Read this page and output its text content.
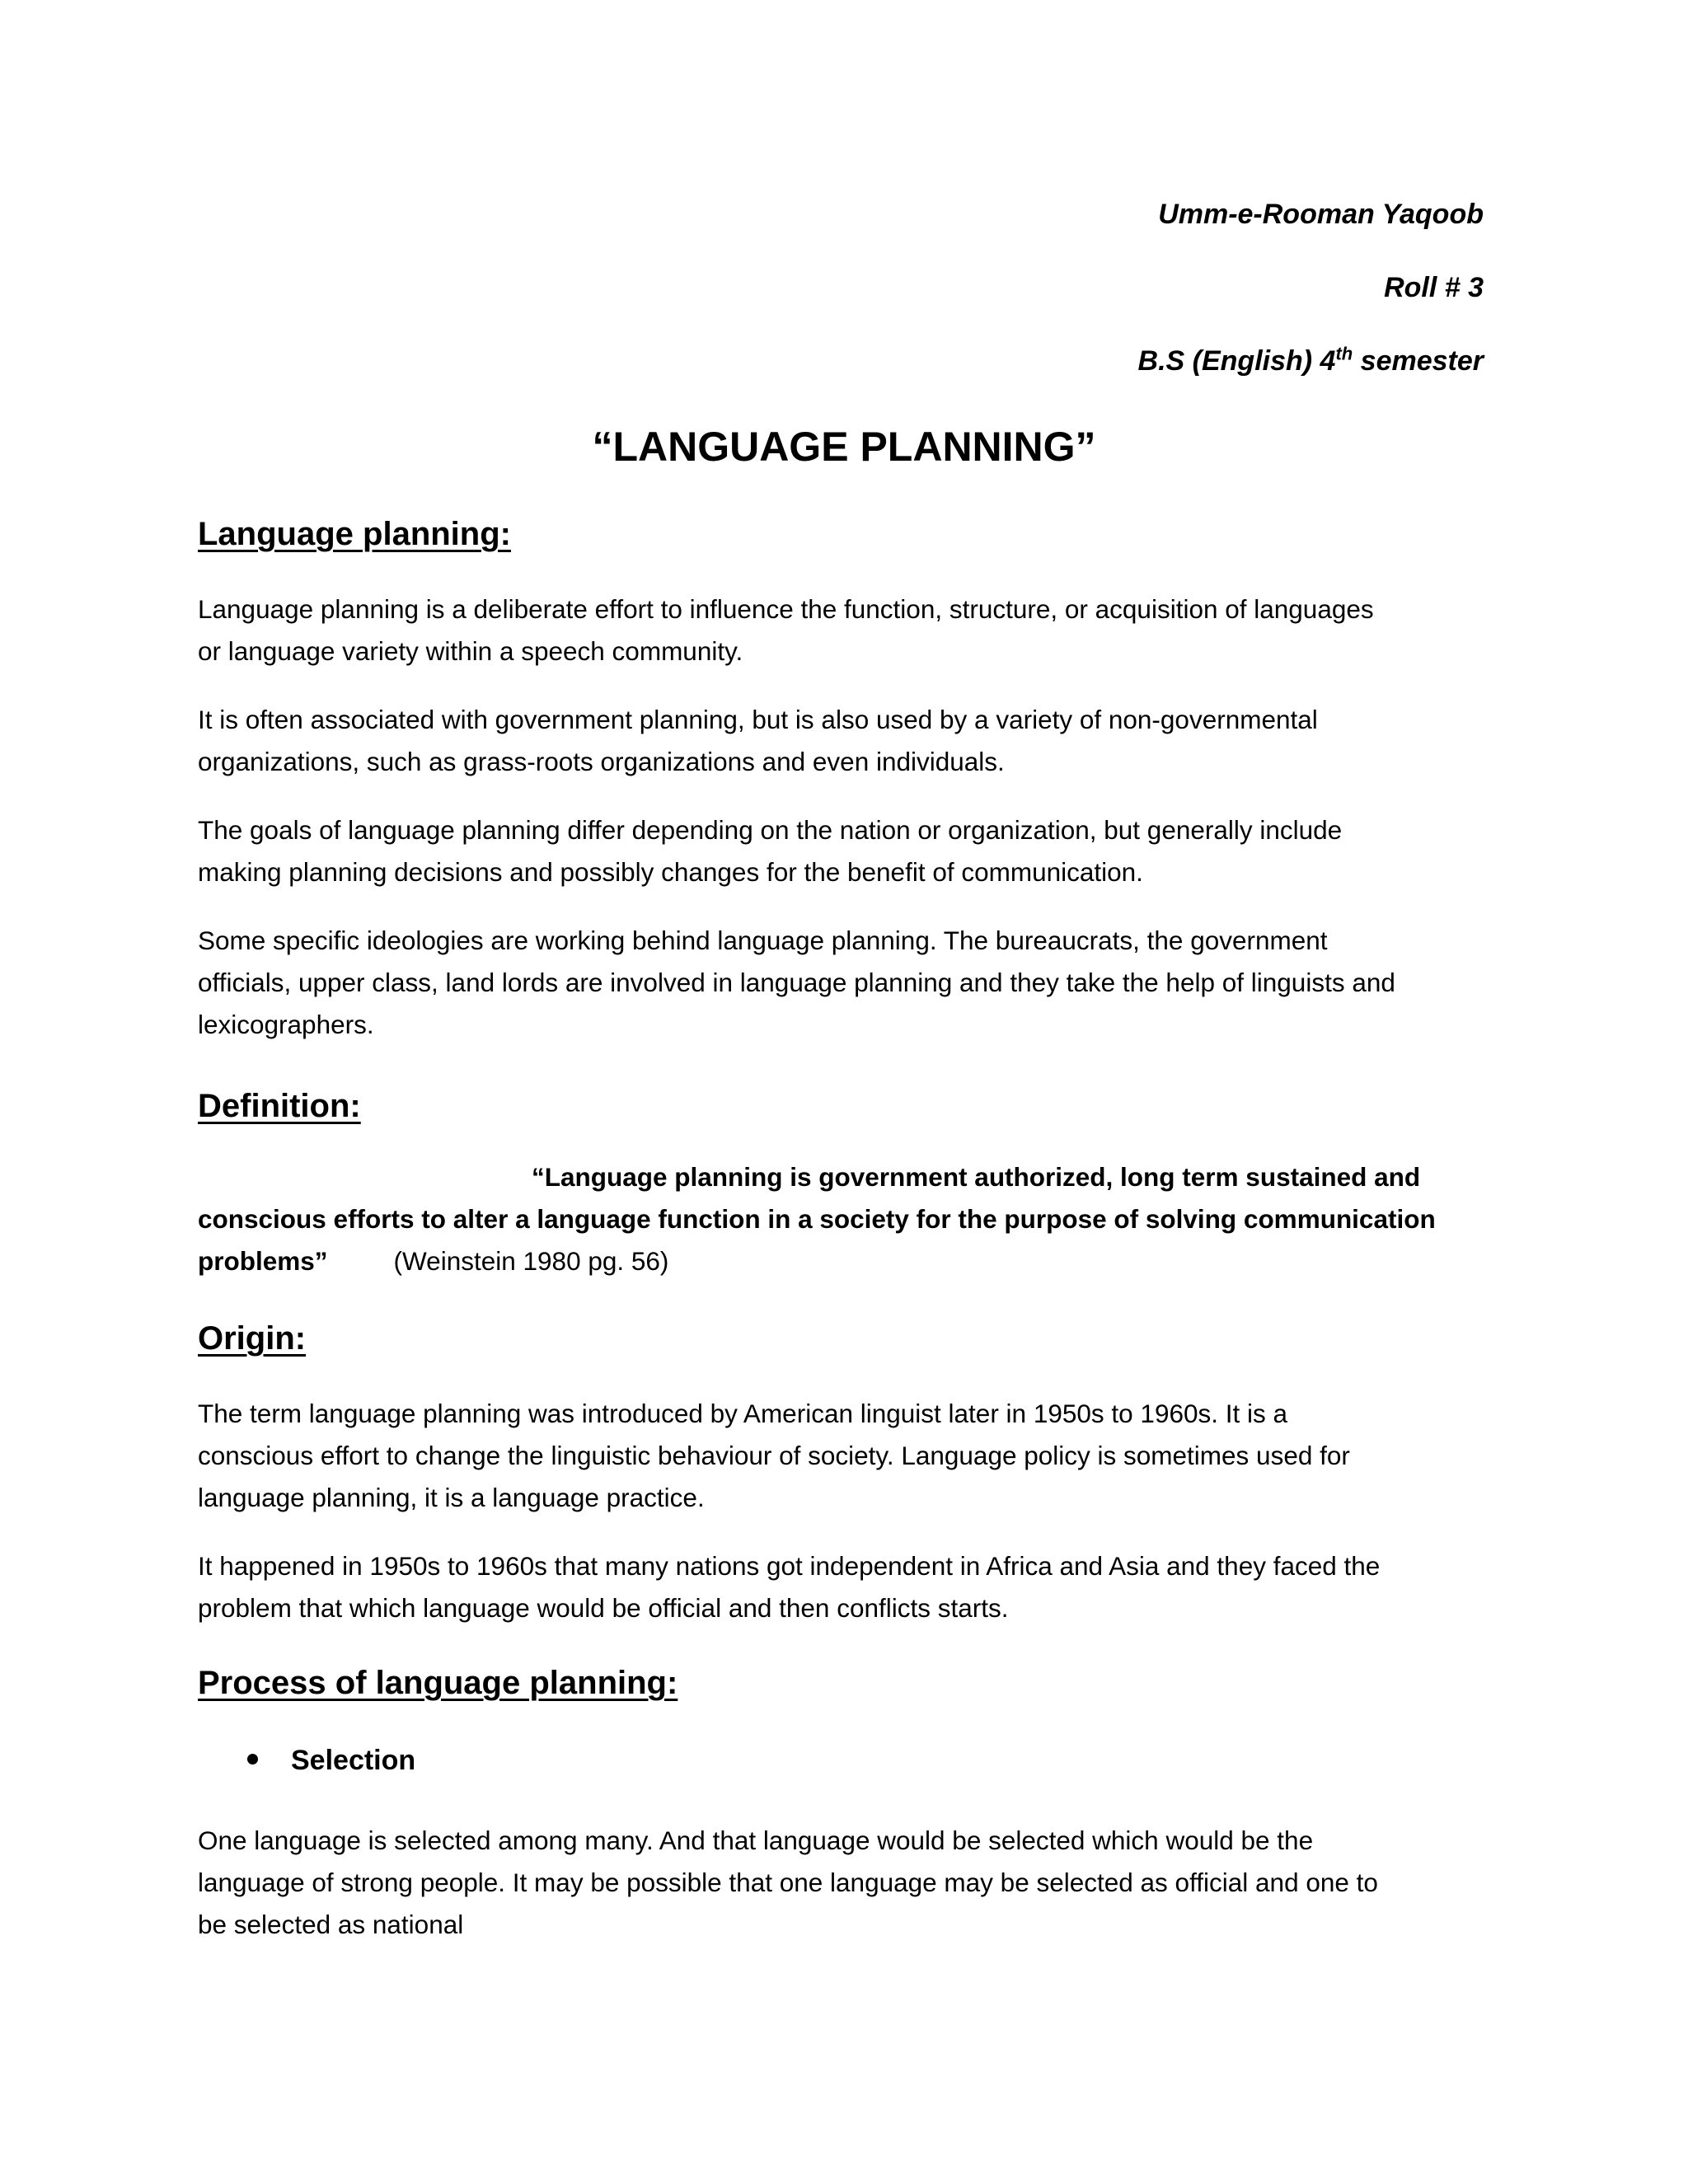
Umm-e-Rooman Yaqoob
Roll # 3
B.S (English) 4th semester
“LANGUAGE PLANNING”
Language planning:
Language planning is a deliberate effort to influence the function, structure, or acquisition of languages
or language variety within a speech community.
It is often associated with government planning, but is also used by a variety of non-governmental
organizations, such as grass-roots organizations and even individuals.
The goals of language planning differ depending on the nation or organization, but generally include
making planning decisions and possibly changes for the benefit of communication.
Some specific ideologies are working behind language planning. The bureaucrats, the government
officials, upper class, land lords are involved in language planning and they take the help of linguists and
lexicographers.
Definition:
“Language planning is government authorized, long term sustained and
conscious efforts to alter a language function in a society for the purpose of solving communication
problems”	(Weinstein 1980 pg. 56)
Origin:
The term language planning was introduced by American linguist later in 1950s to 1960s. It is a
conscious effort to change the linguistic behaviour of society. Language policy is sometimes used for
language planning, it is a language practice.
It happened in 1950s to 1960s that many nations got independent in Africa and Asia and they faced the
problem that which language would be official and then conflicts starts.
Process of language planning:
Selection
One language is selected among many. And that language would be selected which would be the
language of strong people. It may be possible that one language may be selected as official and one to
be selected as national
